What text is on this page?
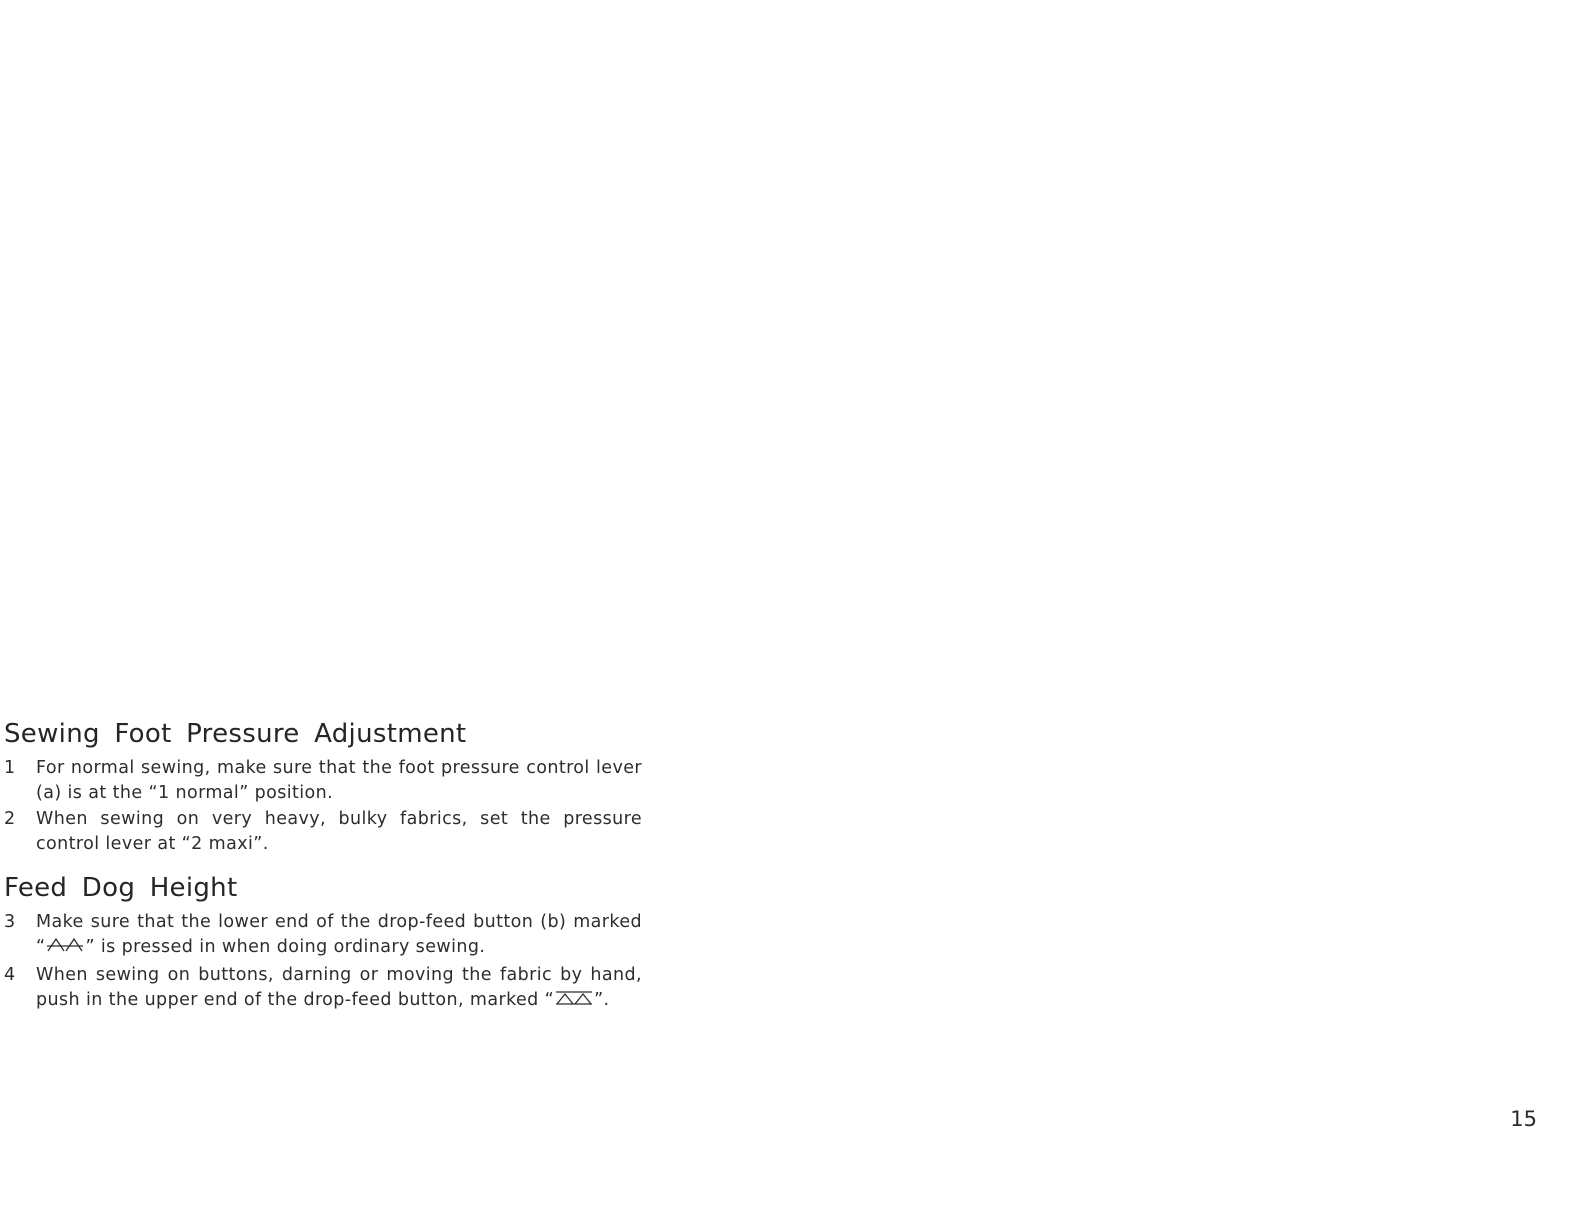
Sewing Foot Pressure Adjustment
1	For normal sewing, make sure that the foot pressure control lever (a) is at the “1 normal” position.
2	When sewing on very heavy, bulky fabrics, set the pressure control lever at “2 maxi”.
Feed Dog Height
3	Make sure that the lower end of the drop-feed button (b) marked “ ” is pressed in when doing ordinary sewing.
4	When sewing on buttons, darning or moving the fabric by hand, push in the upper end of the drop-feed button, marked “ ”.
15
